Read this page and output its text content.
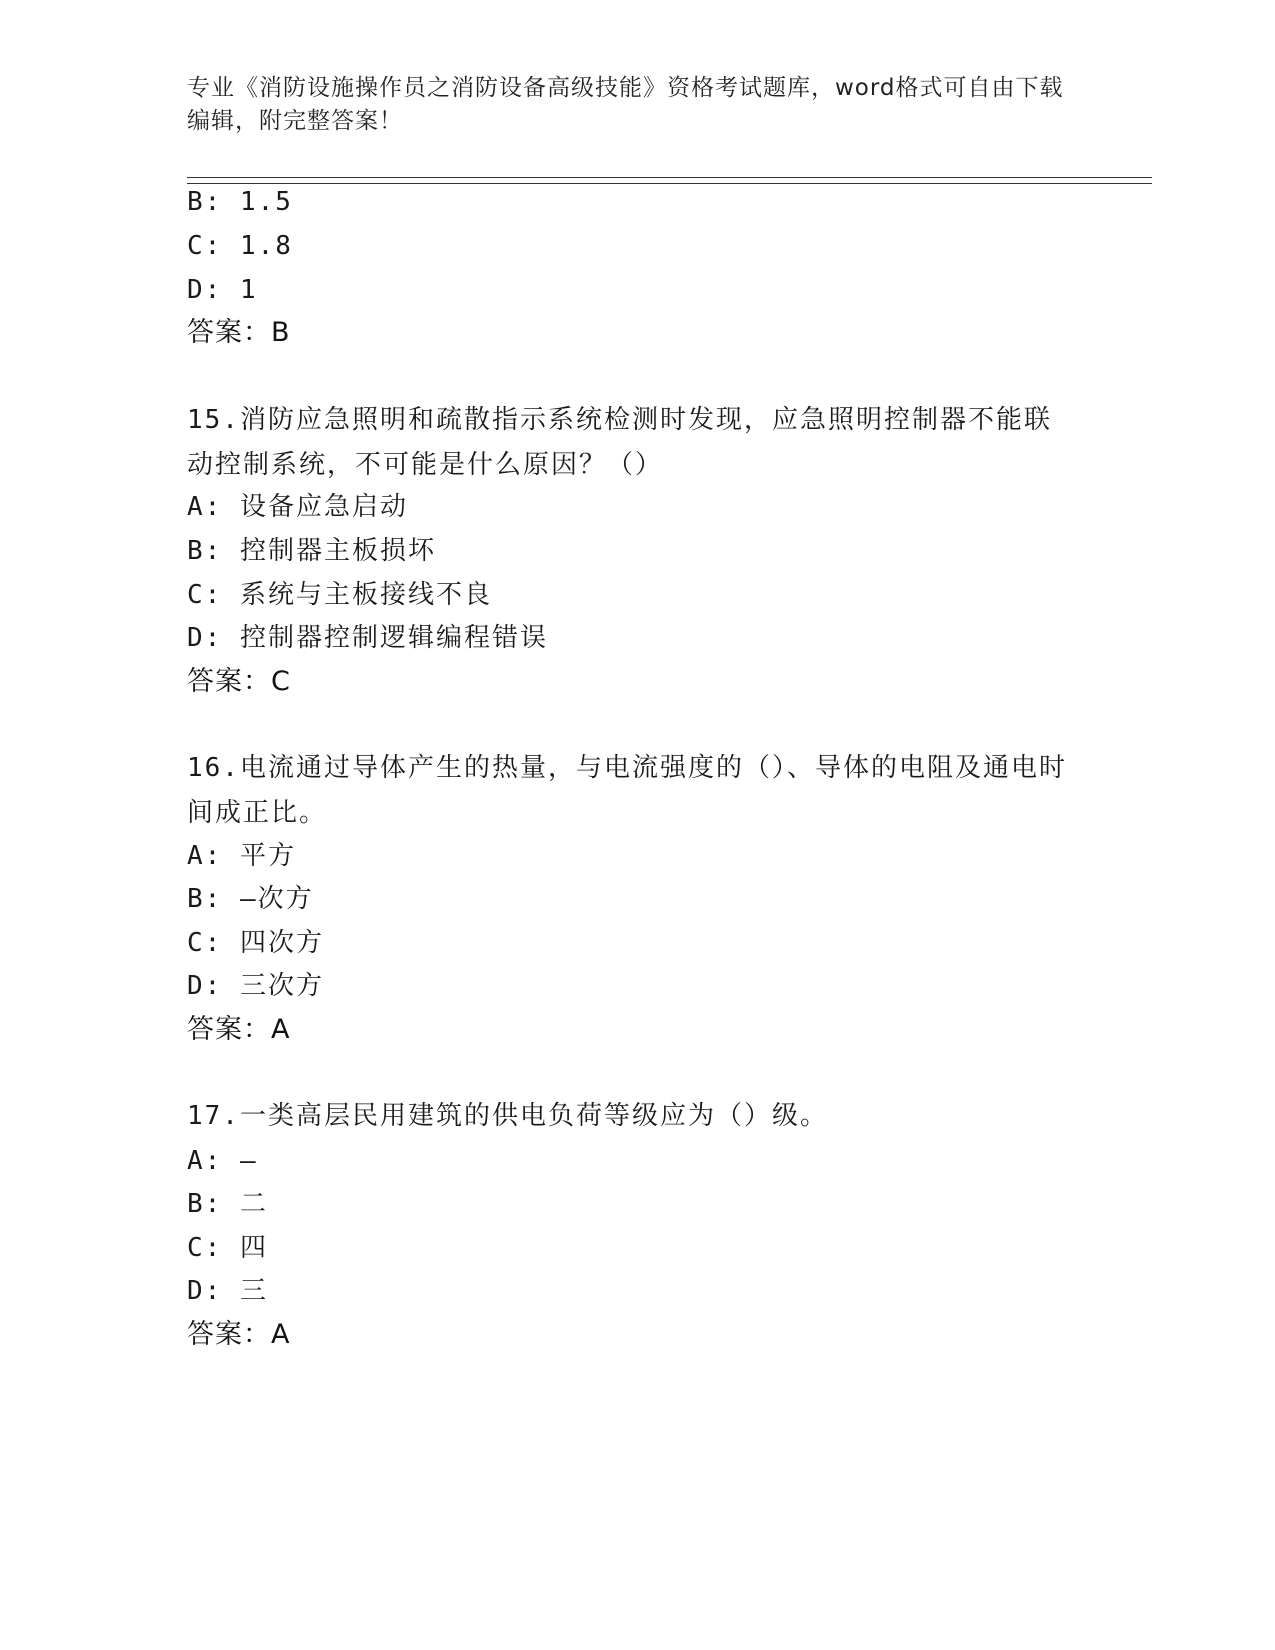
专业《消防设施操作员之消防设备高级技能》资格考试题库，word格式可自由下载编辑，附完整答案！
B: 1.5
C: 1.8
D: 1
答案：B
15.消防应急照明和疏散指示系统检测时发现，应急照明控制器不能联动控制系统，不可能是什么原因？（）
A: 设备应急启动
B: 控制器主板损坏
C: 系统与主板接线不良
D: 控制器控制逻辑编程错误
答案：C
16.电流通过导体产生的热量，与电流强度的（）、导体的电阻及通电时间成正比。
A: 平方
B: —次方
C: 四次方
D: 三次方
答案：A
17.一类高层民用建筑的供电负荷等级应为（）级。
A: —
B: 二
C: 四
D: 三
答案：A
